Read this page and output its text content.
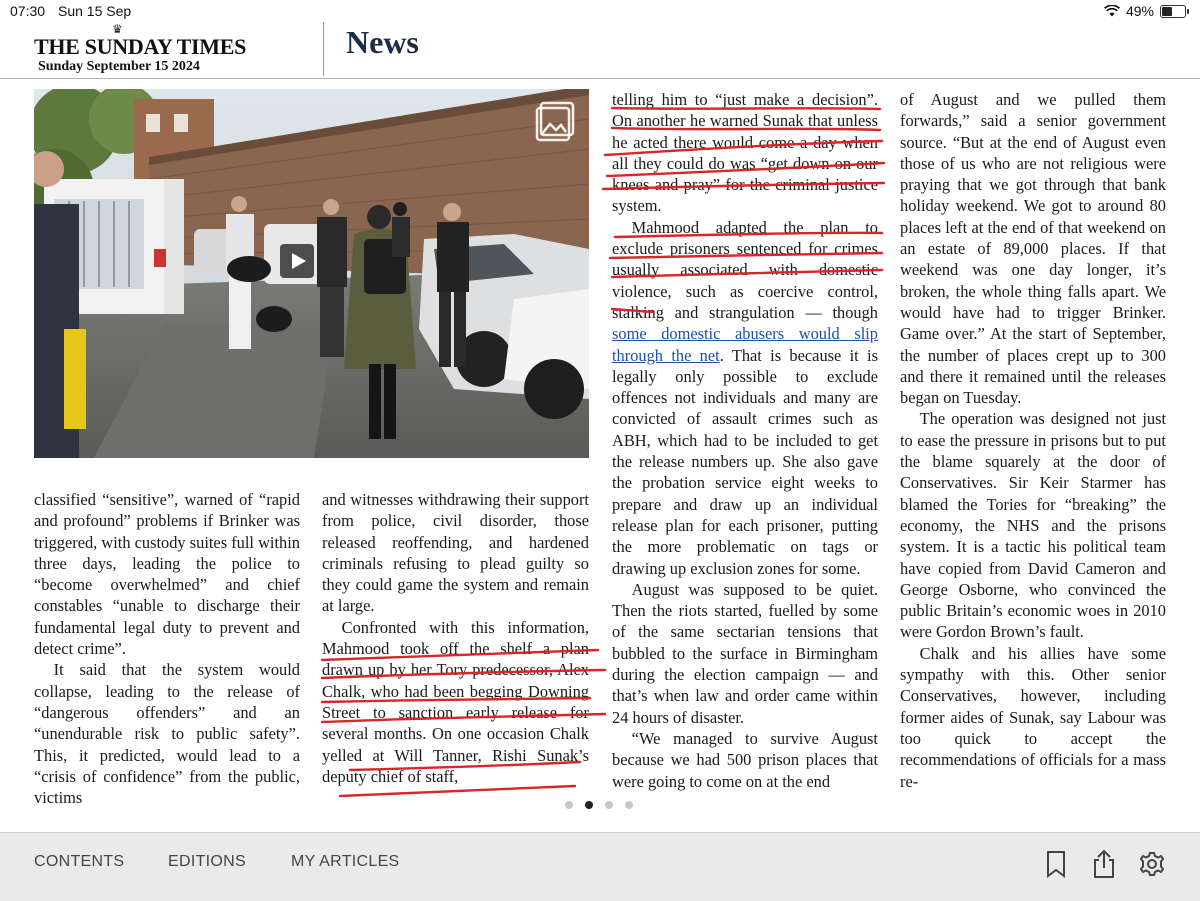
07:30 Sun 15 Sep	49%
♛
THE SUNDAY TIMES
Sunday September 15 2024
News

classified “sensitive”, warned of “rapid and profound” problems if Brinker was triggered, with custody suites full within three days, leading the police to “become overwhelmed” and chief constables “unable to discharge their fundamental legal duty to prevent and detect crime”.

It said that the system would collapse, leading to the release of “dangerous offenders” and an “unendurable risk to public safety”. This, it predicted, would lead to a “crisis of confidence” from the public, victims

and witnesses withdrawing their support from police, civil disorder, those released reoffending, and hardened criminals refusing to plead guilty so they could game the system and remain at large.

Confronted with this information, Mahmood took off the shelf a plan drawn up by her Tory predecessor, Alex Chalk, who had been begging Downing Street to sanction early release for several months. On one occasion Chalk yelled at Will Tanner, Rishi Sunak’s deputy chief of staff,

telling him to “just make a decision”. On another he warned Sunak that unless he acted there would come a day when all they could do was “get down on our knees and pray” for the criminal justice system.

Mahmood adapted the plan to exclude prisoners sentenced for crimes usually associated with domestic violence, such as coercive control, stalking and strangulation — though some domestic abusers would slip through the net. That is because it is legally only possible to exclude offences not individuals and many are convicted of assault crimes such as ABH, which had to be included to get the release numbers up. She also gave the probation service eight weeks to prepare and draw up an individual release plan for each prisoner, putting the more problematic on tags or drawing up exclusion zones for some.

August was supposed to be quiet. Then the riots started, fuelled by some of the same sectarian tensions that bubbled to the surface in Birmingham during the election campaign — and that’s when law and order came within 24 hours of disaster.

“We managed to survive August because we had 500 prison places that were going to come on at the end

of August and we pulled them forwards,” said a senior government source. “But at the end of August even those of us who are not religious were praying that we got through that bank holiday weekend. We got to around 80 places left at the end of that weekend on an estate of 89,000 places. If that weekend was one day longer, it’s broken, the whole thing falls apart. We would have had to trigger Brinker. Game over.” At the start of September, the number of places crept up to 300 and there it remained until the releases began on Tuesday.

The operation was designed not just to ease the pressure in prisons but to put the blame squarely at the door of Conservatives. Sir Keir Starmer has blamed the Tories for “breaking” the economy, the NHS and the prisons system. It is a tactic his political team have copied from David Cameron and George Osborne, who convinced the public Britain’s economic woes in 2010 were Gordon Brown’s fault.

Chalk and his allies have some sympathy with this. Other senior Conservatives, however, including former aides of Sunak, say Labour was too quick to accept the recommendations of officials for a mass re-

CONTENTS	EDITIONS	MY ARTICLES
